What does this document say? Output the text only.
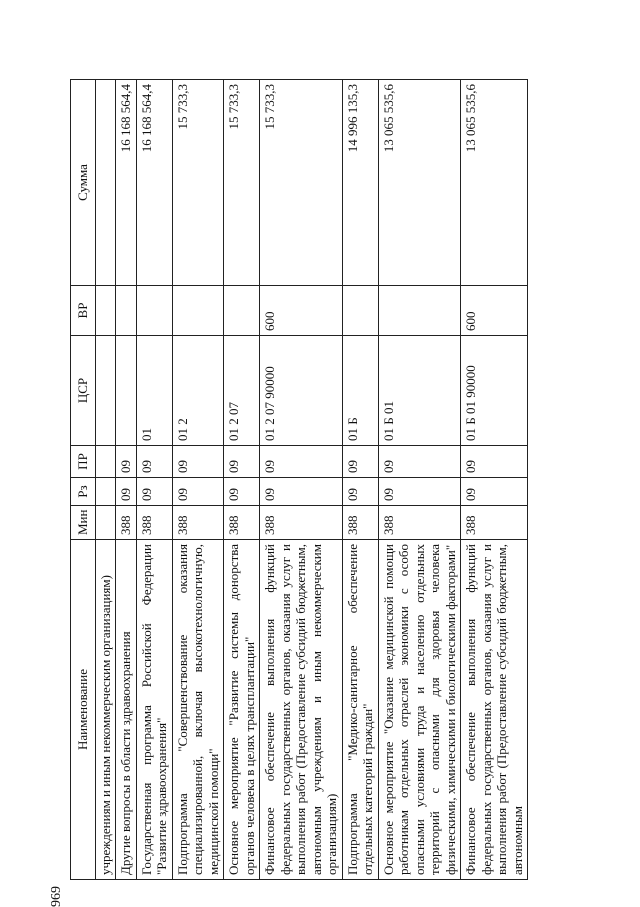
969
Наименование	Мин	Рз	ПР	ЦСР	ВР	Сумма
учреждениям и иным некоммерческим организациям)						
Другие вопросы в области здравоохранения	388	09	09			16 168 564,4
Государственная программа Российской Федерации "Развитие здравоохранения"	388	09	09	01		16 168 564,4
Подпрограмма "Совершенствование оказания специализированной, включая высокотехнологичную, медицинской помощи"	388	09	09	01 2		15 733,3
Основное мероприятие "Развитие системы донорства органов человека в целях трансплантации"	388	09	09	01 2 07		15 733,3
Финансовое обеспечение выполнения функций федеральных государственных органов, оказания услуг и выполнения работ (Предоставление субсидий бюджетным, автономным учреждениям и иным некоммерческим организациям)	388	09	09	01 2 07 90000	600	15 733,3
Подпрограмма "Медико-санитарное обеспечение отдельных категорий граждан"	388	09	09	01 Б		14 996 135,3
Основное мероприятие "Оказание медицинской помощи работникам отдельных отраслей экономики с особо опасными условиями труда и населению отдельных территорий с опасными для здоровья человека физическими, химическими и биологическими факторами"	388	09	09	01 Б 01		13 065 535,6
Финансовое обеспечение выполнения функций федеральных государственных органов, оказания услуг и выполнения работ (Предоставление субсидий бюджетным, автономным	388	09	09	01 Б 01 90000	600	13 065 535,6
